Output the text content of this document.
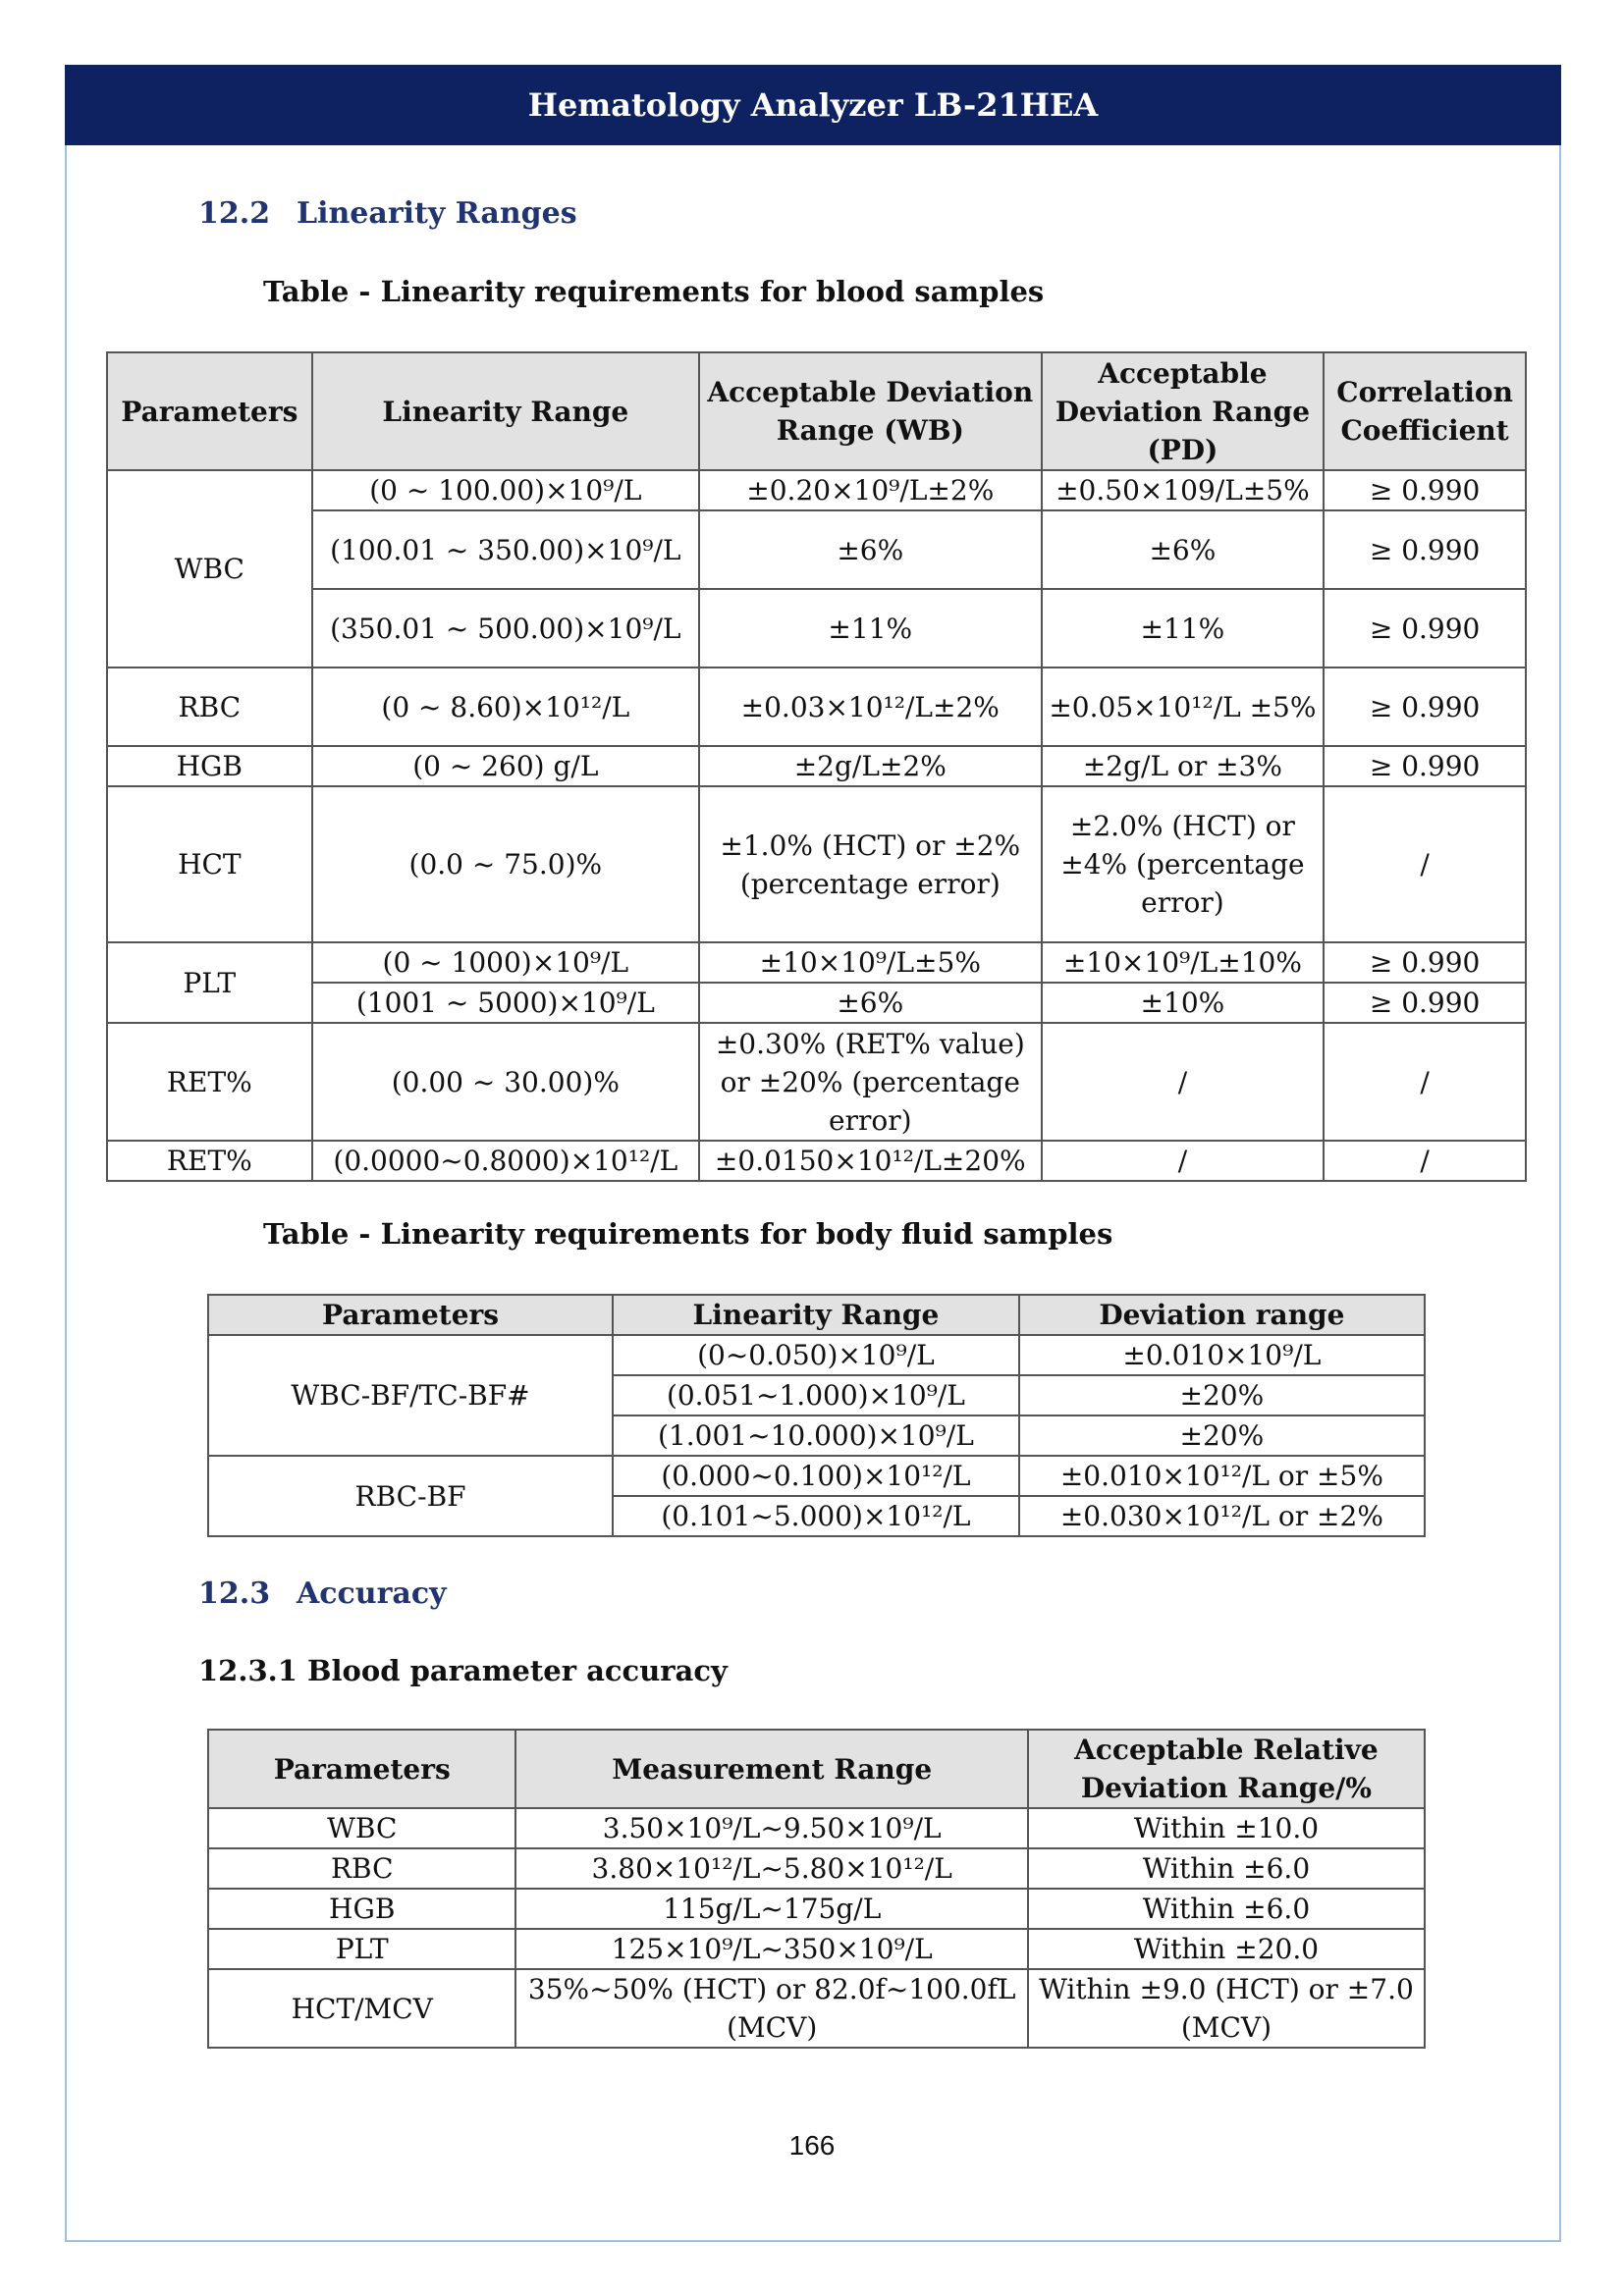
Hematology Analyzer LB-21HEA
12.2 Linearity Ranges
Table - Linearity requirements for blood samples
Parameters	Linearity Range	Acceptable Deviation Range (WB)	Acceptable Deviation Range (PD)	Correlation Coefficient
WBC	(0 ~ 100.00)×10⁹/L	±0.20×10⁹/L±2%	±0.50×109/L±5%	≥ 0.990
	(100.01 ~ 350.00)×10⁹/L	±6%	±6%	≥ 0.990
	(350.01 ~ 500.00)×10⁹/L	±11%	±11%	≥ 0.990
RBC	(0 ~ 8.60)×10¹²/L	±0.03×10¹²/L±2%	±0.05×10¹²/L ±5%	≥ 0.990
HGB	(0 ~ 260) g/L	±2g/L±2%	±2g/L or ±3%	≥ 0.990
HCT	(0.0 ~ 75.0)%	±1.0% (HCT) or ±2% (percentage error)	±2.0% (HCT) or ±4% (percentage error)	/
PLT	(0 ~ 1000)×10⁹/L	±10×10⁹/L±5%	±10×10⁹/L±10%	≥ 0.990
	(1001 ~ 5000)×10⁹/L	±6%	±10%	≥ 0.990
RET%	(0.00 ~ 30.00)%	±0.30% (RET% value) or ±20% (percentage error)	/	/
RET%	(0.0000~0.8000)×10¹²/L	±0.0150×10¹²/L±20%	/	/
Table - Linearity requirements for body fluid samples
Parameters	Linearity Range	Deviation range
WBC-BF/TC-BF#	(0~0.050)×10⁹/L	±0.010×10⁹/L
	(0.051~1.000)×10⁹/L	±20%
	(1.001~10.000)×10⁹/L	±20%
RBC-BF	(0.000~0.100)×10¹²/L	±0.010×10¹²/L or ±5%
	(0.101~5.000)×10¹²/L	±0.030×10¹²/L or ±2%
12.3 Accuracy
12.3.1 Blood parameter accuracy
Parameters	Measurement Range	Acceptable Relative Deviation Range/%
WBC	3.50×10⁹/L~9.50×10⁹/L	Within ±10.0
RBC	3.80×10¹²/L~5.80×10¹²/L	Within ±6.0
HGB	115g/L~175g/L	Within ±6.0
PLT	125×10⁹/L~350×10⁹/L	Within ±20.0
HCT/MCV	35%~50% (HCT) or 82.0f~100.0fL (MCV)	Within ±9.0 (HCT) or ±7.0 (MCV)
166
